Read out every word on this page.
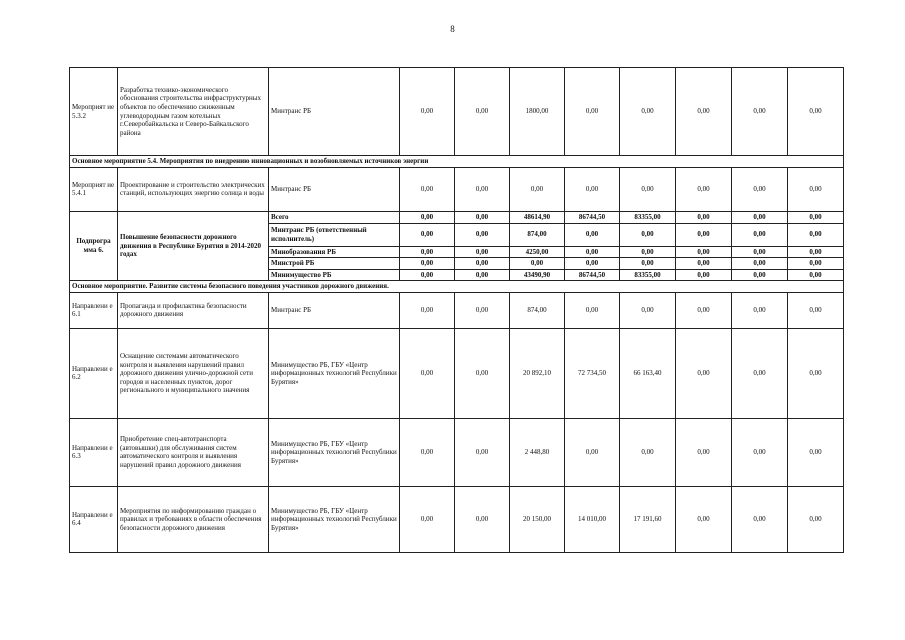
8
Мероприят ие 5.3.2	Разработка технико-экономического обоснования строительства инфраструктурных объектов по обеспечению сжиженным углеводородным газом котельных г.Северобайкальска и Северо-Байкальского района	Минтранс РБ	0,00	0,00	1800,00	0,00	0,00	0,00	0,00	0,00
Основное мероприятие 5.4. Мероприятия по внедрению инновационных и возобновляемых источников энергии										
Мероприят ие 5.4.1	Проектирование и строительство электрических станций, использующих энергию солнца и воды	Минтранс РБ	0,00	0,00	0,00	0,00	0,00	0,00	0,00	0,00
Подпрогра мма 6.	Повышение безопасности дорожного движения в Республике Бурятия в 2014-2020 годах	Всего	0,00	0,00	48614,90	86744,50	83355,00	0,00	0,00	0,00
		Минтранс РБ (ответственный исполнитель)	0,00	0,00	874,00	0,00	0,00	0,00	0,00	0,00
		Минобразования РБ	0,00	0,00	4250,00	0,00	0,00	0,00	0,00	0,00
		Минстрой РБ	0,00	0,00	0,00	0,00	0,00	0,00	0,00	0,00
		Минимущество РБ	0,00	0,00	43490,90	86744,50	83355,00	0,00	0,00	0,00
Основное мероприятие. Развитие системы безопасного поведения участников дорожного движения.										
Направлени е 6.1	Пропаганда и профилактика безопасности дорожного движения	Минтранс РБ	0,00	0,00	874,00	0,00	0,00	0,00	0,00	0,00
Направлени е 6.2	Оснащение системами автоматического контроля и выявления нарушений правил дорожного движения улично-дорожной сети городов и населенных пунктов, дорог регионального и муниципального значения	Минимущество РБ, ГБУ «Центр информационных технологий Республики Бурятия»	0,00	0,00	20 892,10	72 734,50	66 163,40	0,00	0,00	0,00
Направлени е 6.3	Приобретение спец-автотранспорта (автовышки) для обслуживания систем автоматического контроля и выявления нарушений правил дорожного движения	Минимущество РБ, ГБУ «Центр информационных технологий Республики Бурятия»	0,00	0,00	2 448,80	0,00	0,00	0,00	0,00	0,00
Направлени е 6.4	Мероприятия по информированию граждан о правилах и требованиях в области обеспечения безопасности дорожного движения	Минимущество РБ, ГБУ «Центр информационных технологий Республики Бурятия»	0,00	0,00	20 150,00	14 010,00	17 191,60	0,00	0,00	0,00
